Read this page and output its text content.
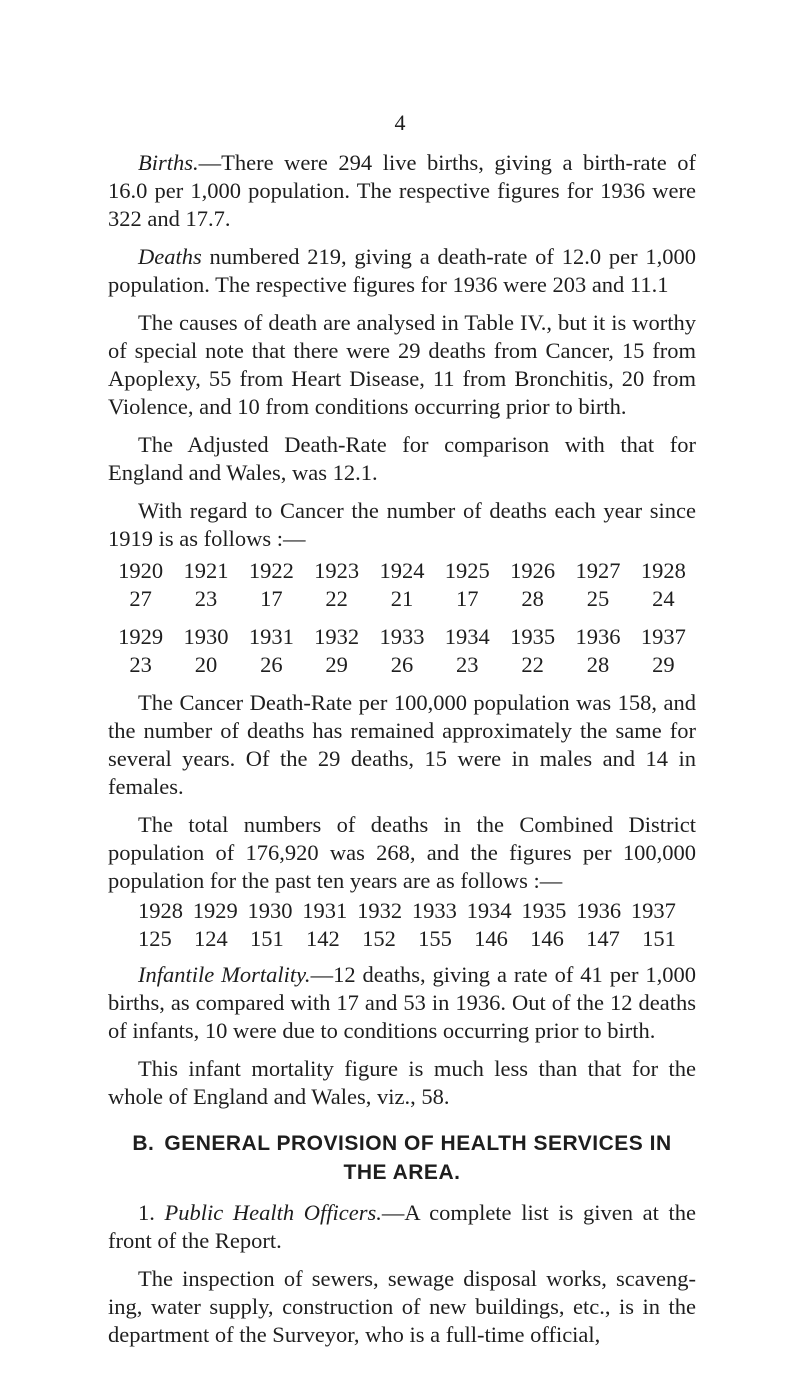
4

Births.—There were 294 live births, giving a birth-rate of 16.0 per 1,000 population. The respective figures for 1936 were 322 and 17.7.

Deaths numbered 219, giving a death-rate of 12.0 per 1,000 population. The respective figures for 1936 were 203 and 11.1

The causes of death are analysed in Table IV., but it is worthy of special note that there were 29 deaths from Cancer, 15 from Apoplexy, 55 from Heart Disease, 11 from Bronchitis, 20 from Violence, and 10 from conditions occurring prior to birth.

The Adjusted Death-Rate for comparison with that for England and Wales, was 12.1.

With regard to Cancer the number of deaths each year since 1919 is as follows :—

1920	1921	1922	1923	1924	1925	1926	1927	1928
27	23	17	22	21	17	28	25	24
1929	1930	1931	1932	1933	1934	1935	1936	1937
23	20	26	29	26	23	22	28	29

The Cancer Death-Rate per 100,000 population was 158, and the number of deaths has remained approximately the same for several years. Of the 29 deaths, 15 were in males and 14 in females.

The total numbers of deaths in the Combined District population of 176,920 was 268, and the figures per 100,000 population for the past ten years are as follows :—

1928 1929 1930 1931 1932 1933 1934 1935 1936 1937
125 124 151 142 152 155 146 146 147 151

Infantile Mortality.—12 deaths, giving a rate of 41 per 1,000 births, as compared with 17 and 53 in 1936. Out of the 12 deaths of infants, 10 were due to conditions occurring prior to birth.

This infant mortality figure is much less than that for the whole of England and Wales, viz., 58.

B. GENERAL PROVISION OF HEALTH SERVICES IN THE AREA.

1. Public Health Officers.—A complete list is given at the front of the Report.

The inspection of sewers, sewage disposal works, scaveng-ing, water supply, construction of new buildings, etc., is in the department of the Surveyor, who is a full-time official,
